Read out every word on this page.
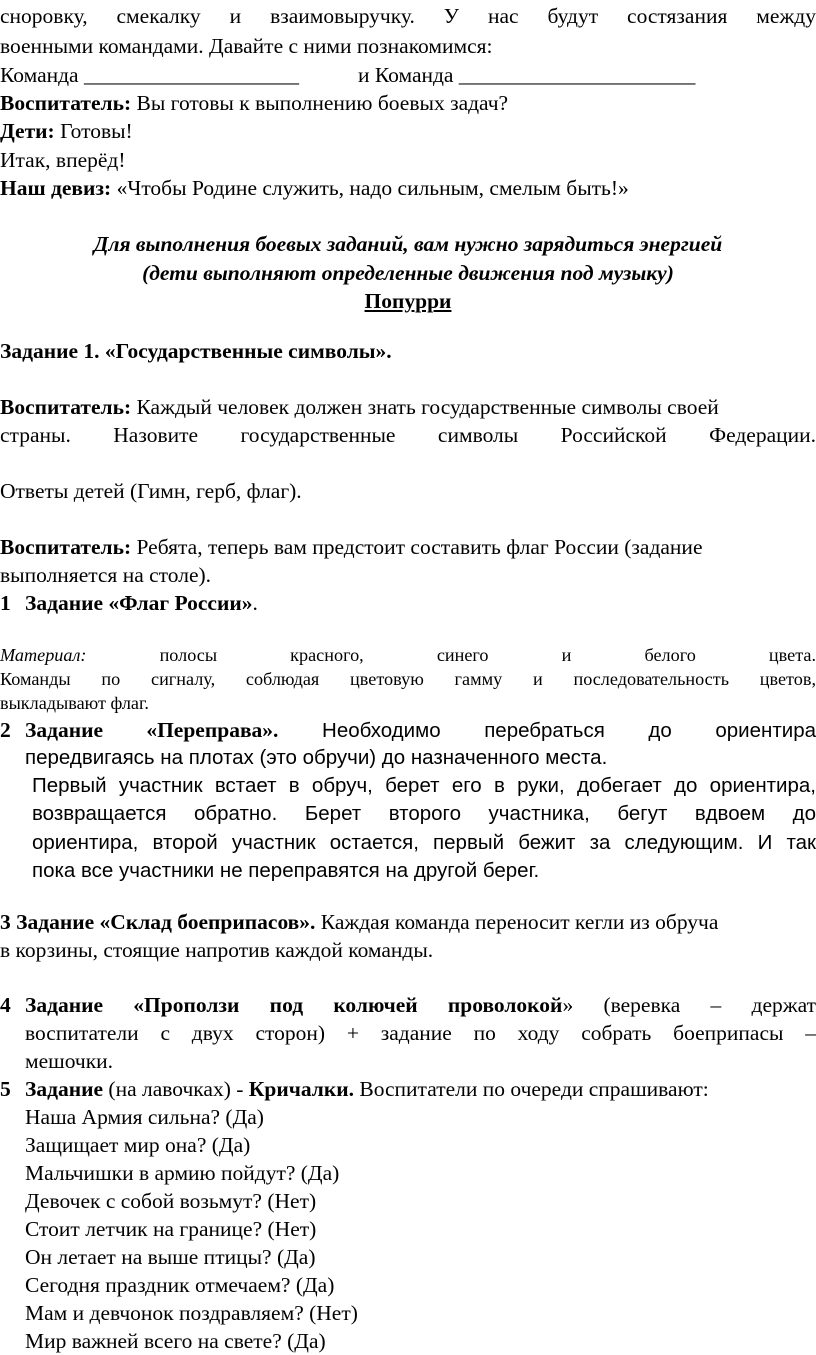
сноровку, смекалку и взаимовыручку. У нас будут состязания между
военными командами. Давайте с ними познакомимся:
Команда ____________________	и Команда ______________________
Воспитатель: Вы готовы к выполнению боевых задач?
Дети: Готовы!
Итак, вперёд!
Наш девиз: «Чтобы Родине служить, надо сильным, смелым быть!»
Для выполнения боевых заданий, вам нужно зарядиться энергией
(дети выполняют определенные движения под музыку)
Попурри
Задание 1. «Государственные символы».
Воспитатель: Каждый человек должен знать государственные символы своей
страны. Назовите государственные символы Российской Федерации.
Ответы детей (Гимн, герб, флаг).
Воспитатель: Ребята, теперь вам предстоит составить флаг России (задание
выполняется на столе).
1 Задание «Флаг России».
Материал: полосы красного, синего и белого цвета.
Команды по сигналу, соблюдая цветовую гамму и последовательность цветов,
выкладывают флаг.
2 Задание «Переправа». Необходимо перебраться до ориентира
передвигаясь на плотах (это обручи) до назначенного места.
Первый участник встает в обруч, берет его в руки, добегает до ориентира,
возвращается обратно. Берет второго участника, бегут вдвоем до
ориентира, второй участник остается, первый бежит за следующим. И так
пока все участники не переправятся на другой берег.
3 Задание «Склад боеприпасов». Каждая команда переносит кегли из обруча
в корзины, стоящие напротив каждой команды.
4 Задание «Проползи под колючей проволокой» (веревка – держат
воспитатели с двух сторон) + задание по ходу собрать боеприпасы –
мешочки.
5 Задание (на лавочках) - Кричалки. Воспитатели по очереди спрашивают:
Наша Армия сильна? (Да)
Защищает мир она? (Да)
Мальчишки в армию пойдут? (Да)
Девочек с собой возьмут? (Нет)
Стоит летчик на границе? (Нет)
Он летает на выше птицы? (Да)
Сегодня праздник отмечаем? (Да)
Мам и девчонок поздравляем? (Нет)
Мир важней всего на свете? (Да)
